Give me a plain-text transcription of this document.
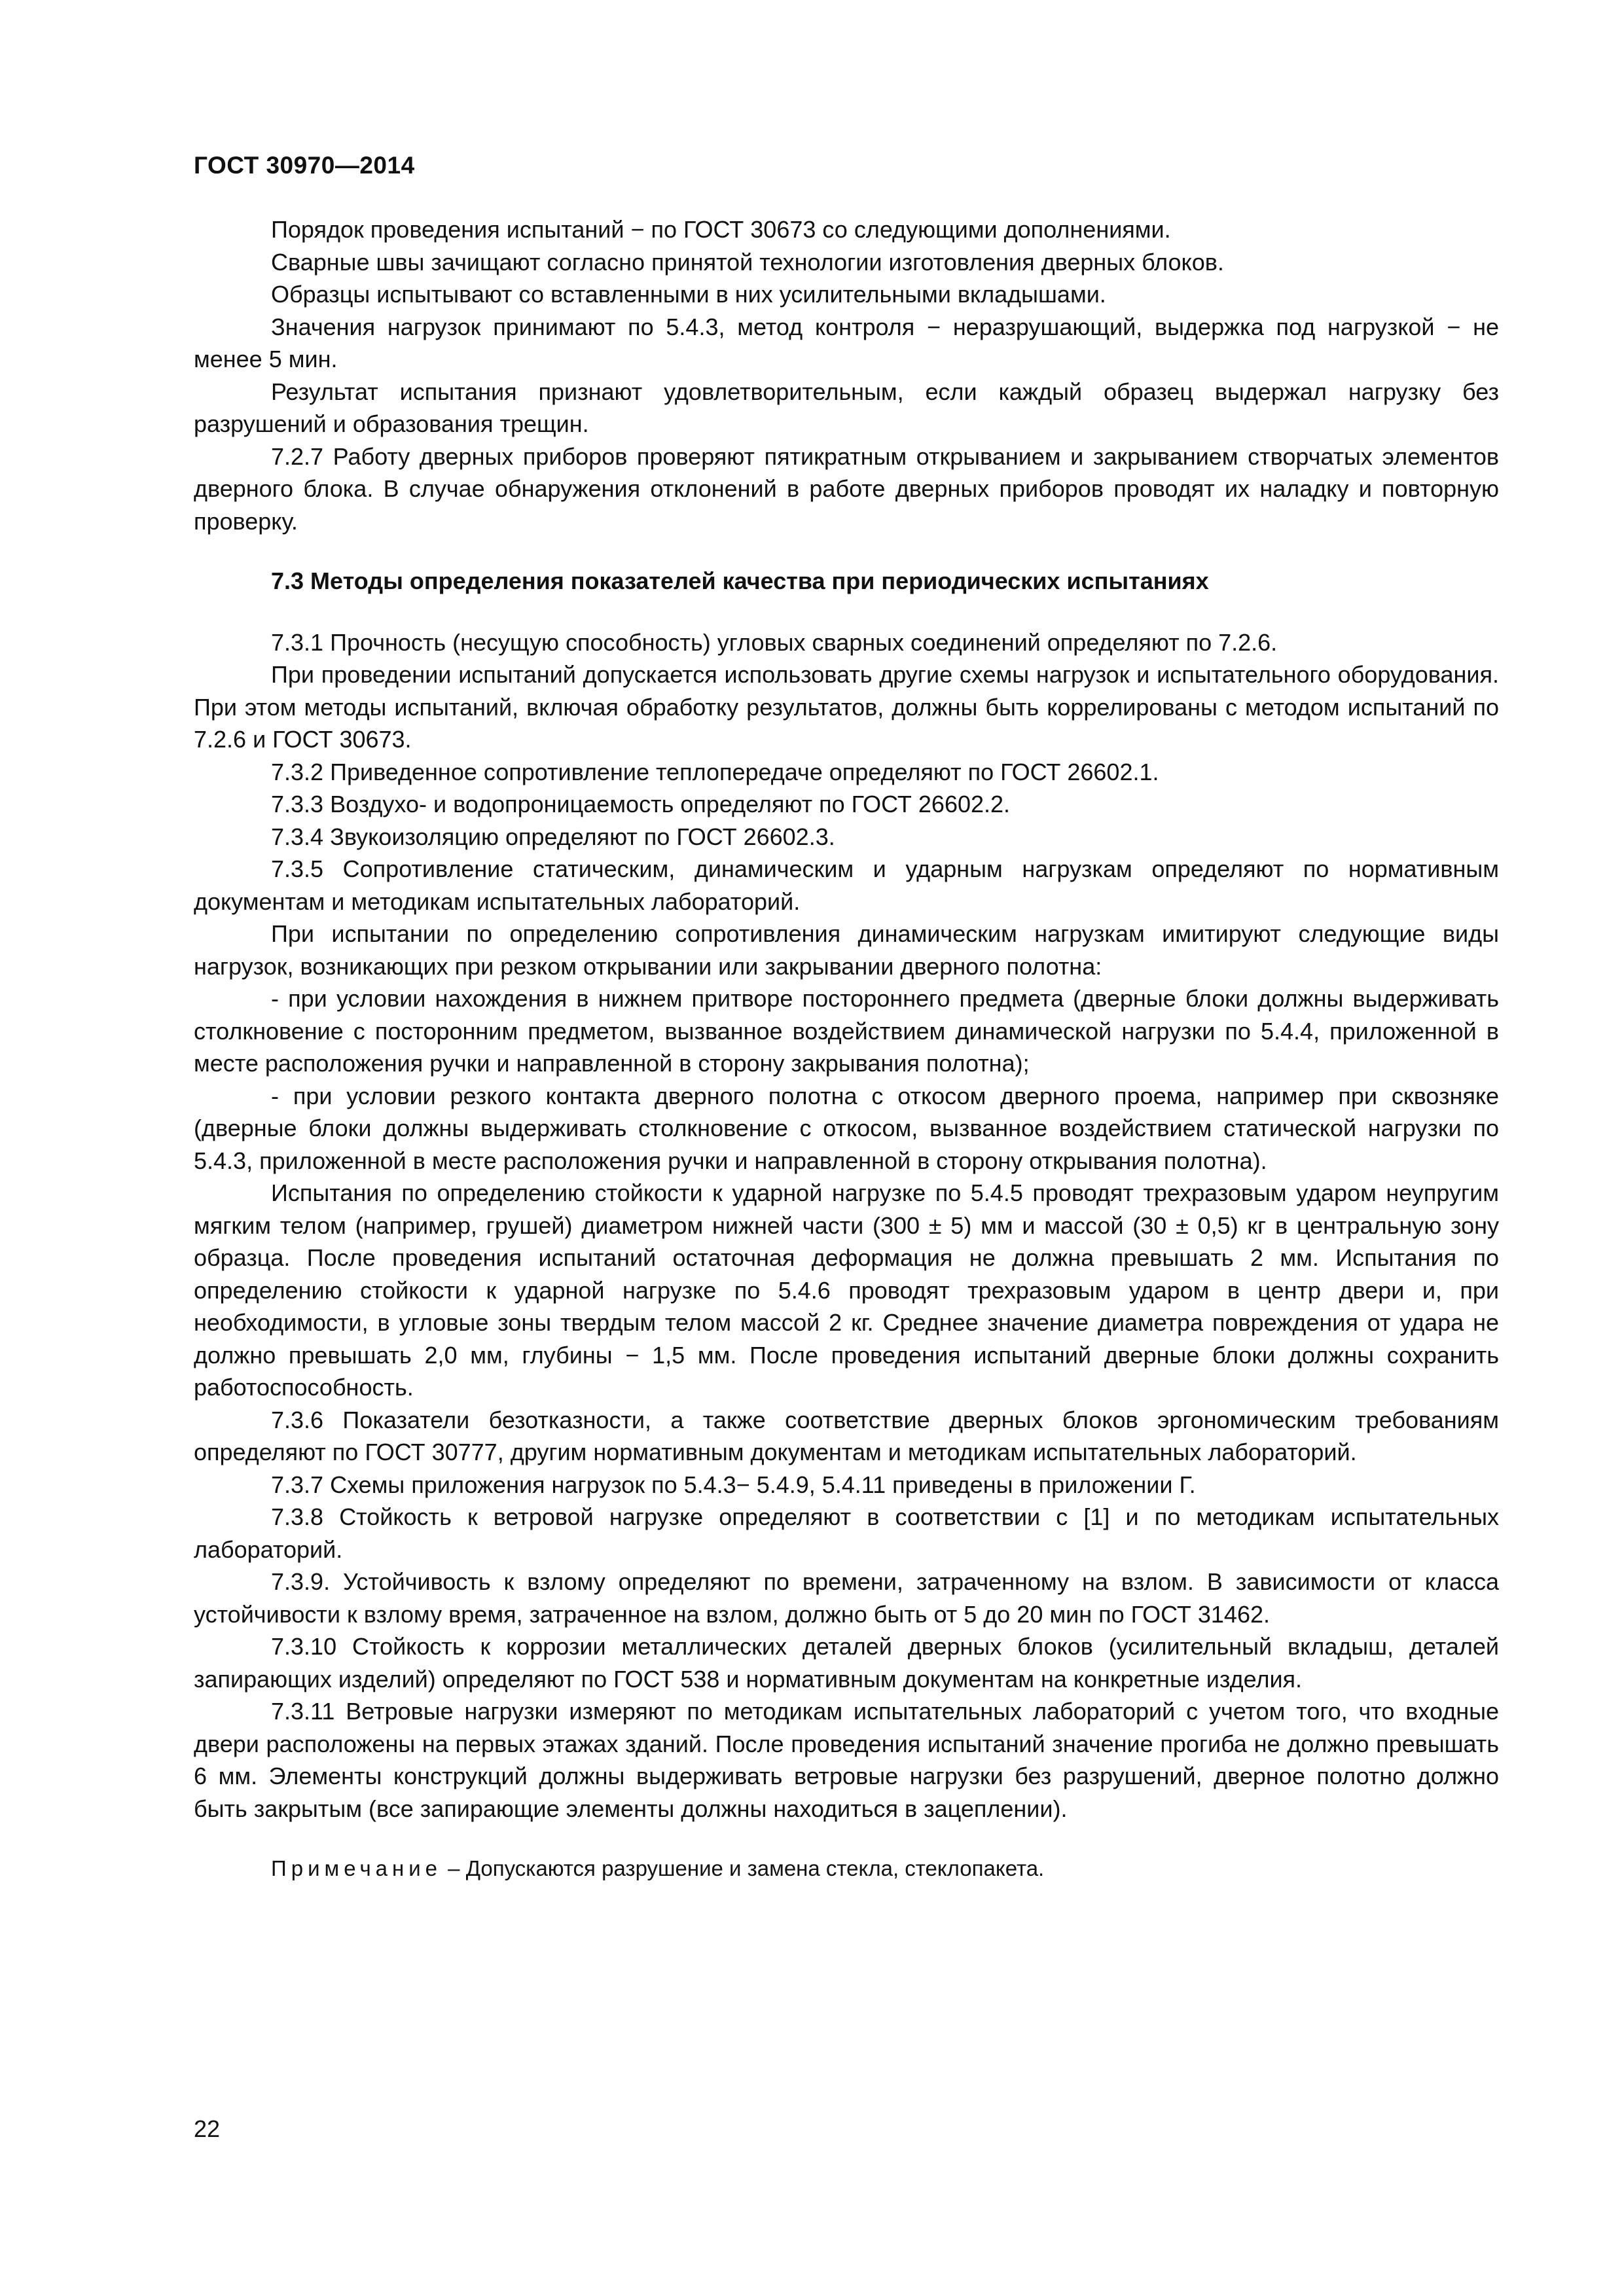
ГОСТ 30970—2014

Порядок проведения испытаний − по ГОСТ 30673 со следующими дополнениями.

Сварные швы зачищают согласно принятой технологии изготовления дверных блоков.

Образцы испытывают со вставленными в них усилительными вкладышами.

Значения нагрузок принимают по 5.4.3, метод контроля − неразрушающий, выдержка под нагрузкой − не менее 5 мин.

Результат испытания признают удовлетворительным, если каждый образец выдержал нагрузку без разрушений и образования трещин.

7.2.7 Работу дверных приборов проверяют пятикратным открыванием и закрыванием створчатых элементов дверного блока. В случае обнаружения отклонений в работе дверных приборов проводят их наладку и повторную проверку.

7.3 Методы определения показателей качества при периодических испытаниях

7.3.1 Прочность (несущую способность) угловых сварных соединений определяют по 7.2.6.

При проведении испытаний допускается использовать другие схемы нагрузок и испытательного оборудования. При этом методы испытаний, включая обработку результатов, должны быть коррелированы с методом испытаний по 7.2.6 и ГОСТ 30673.

7.3.2 Приведенное сопротивление теплопередаче определяют по ГОСТ 26602.1.

7.3.3 Воздухо- и водопроницаемость определяют по ГОСТ 26602.2.

7.3.4 Звукоизоляцию определяют по ГОСТ 26602.3.

7.3.5 Сопротивление статическим, динамическим и ударным нагрузкам определяют по нормативным документам и методикам испытательных лабораторий.

При испытании по определению сопротивления динамическим нагрузкам имитируют следующие виды нагрузок, возникающих при резком открывании или закрывании дверного полотна:

- при условии нахождения в нижнем притворе постороннего предмета (дверные блоки должны выдерживать столкновение с посторонним предметом, вызванное воздействием динамической нагрузки по 5.4.4, приложенной в месте расположения ручки и направленной в сторону закрывания полотна);

- при условии резкого контакта дверного полотна с откосом дверного проема, например при сквозняке (дверные блоки должны выдерживать столкновение с откосом, вызванное воздействием статической нагрузки по 5.4.3, приложенной в месте расположения ручки и направленной в сторону открывания полотна).

Испытания по определению стойкости к ударной нагрузке по 5.4.5 проводят трехразовым ударом неупругим мягким телом (например, грушей) диаметром нижней части (300 ± 5) мм и массой (30 ± 0,5) кг в центральную зону образца. После проведения испытаний остаточная деформация не должна превышать 2 мм. Испытания по определению стойкости к ударной нагрузке по 5.4.6 проводят трехразовым ударом в центр двери и, при необходимости, в угловые зоны твердым телом массой 2 кг. Среднее значение диаметра повреждения от удара не должно превышать 2,0 мм, глубины − 1,5 мм. После проведения испытаний дверные блоки должны сохранить работоспособность.

7.3.6 Показатели безотказности, а также соответствие дверных блоков эргономическим требованиям определяют по ГОСТ 30777, другим нормативным документам и методикам испытательных лабораторий.

7.3.7 Схемы приложения нагрузок по 5.4.3− 5.4.9, 5.4.11 приведены в приложении Г.

7.3.8 Стойкость к ветровой нагрузке определяют в соответствии с [1] и по методикам испытательных лабораторий.

7.3.9. Устойчивость к взлому определяют по времени, затраченному на взлом. В зависимости от класса устойчивости к взлому время, затраченное на взлом, должно быть от 5 до 20 мин по ГОСТ 31462.

7.3.10 Стойкость к коррозии металлических деталей дверных блоков (усилительный вкладыш, деталей запирающих изделий) определяют по ГОСТ 538 и нормативным документам на конкретные изделия.

7.3.11 Ветровые нагрузки измеряют по методикам испытательных лабораторий с учетом того, что входные двери расположены на первых этажах зданий. После проведения испытаний значение прогиба не должно превышать 6 мм. Элементы конструкций должны выдерживать ветровые нагрузки без разрушений, дверное полотно должно быть закрытым (все запирающие элементы должны находиться в зацеплении).

Примечание – Допускаются разрушение и замена стекла, стеклопакета.

22
